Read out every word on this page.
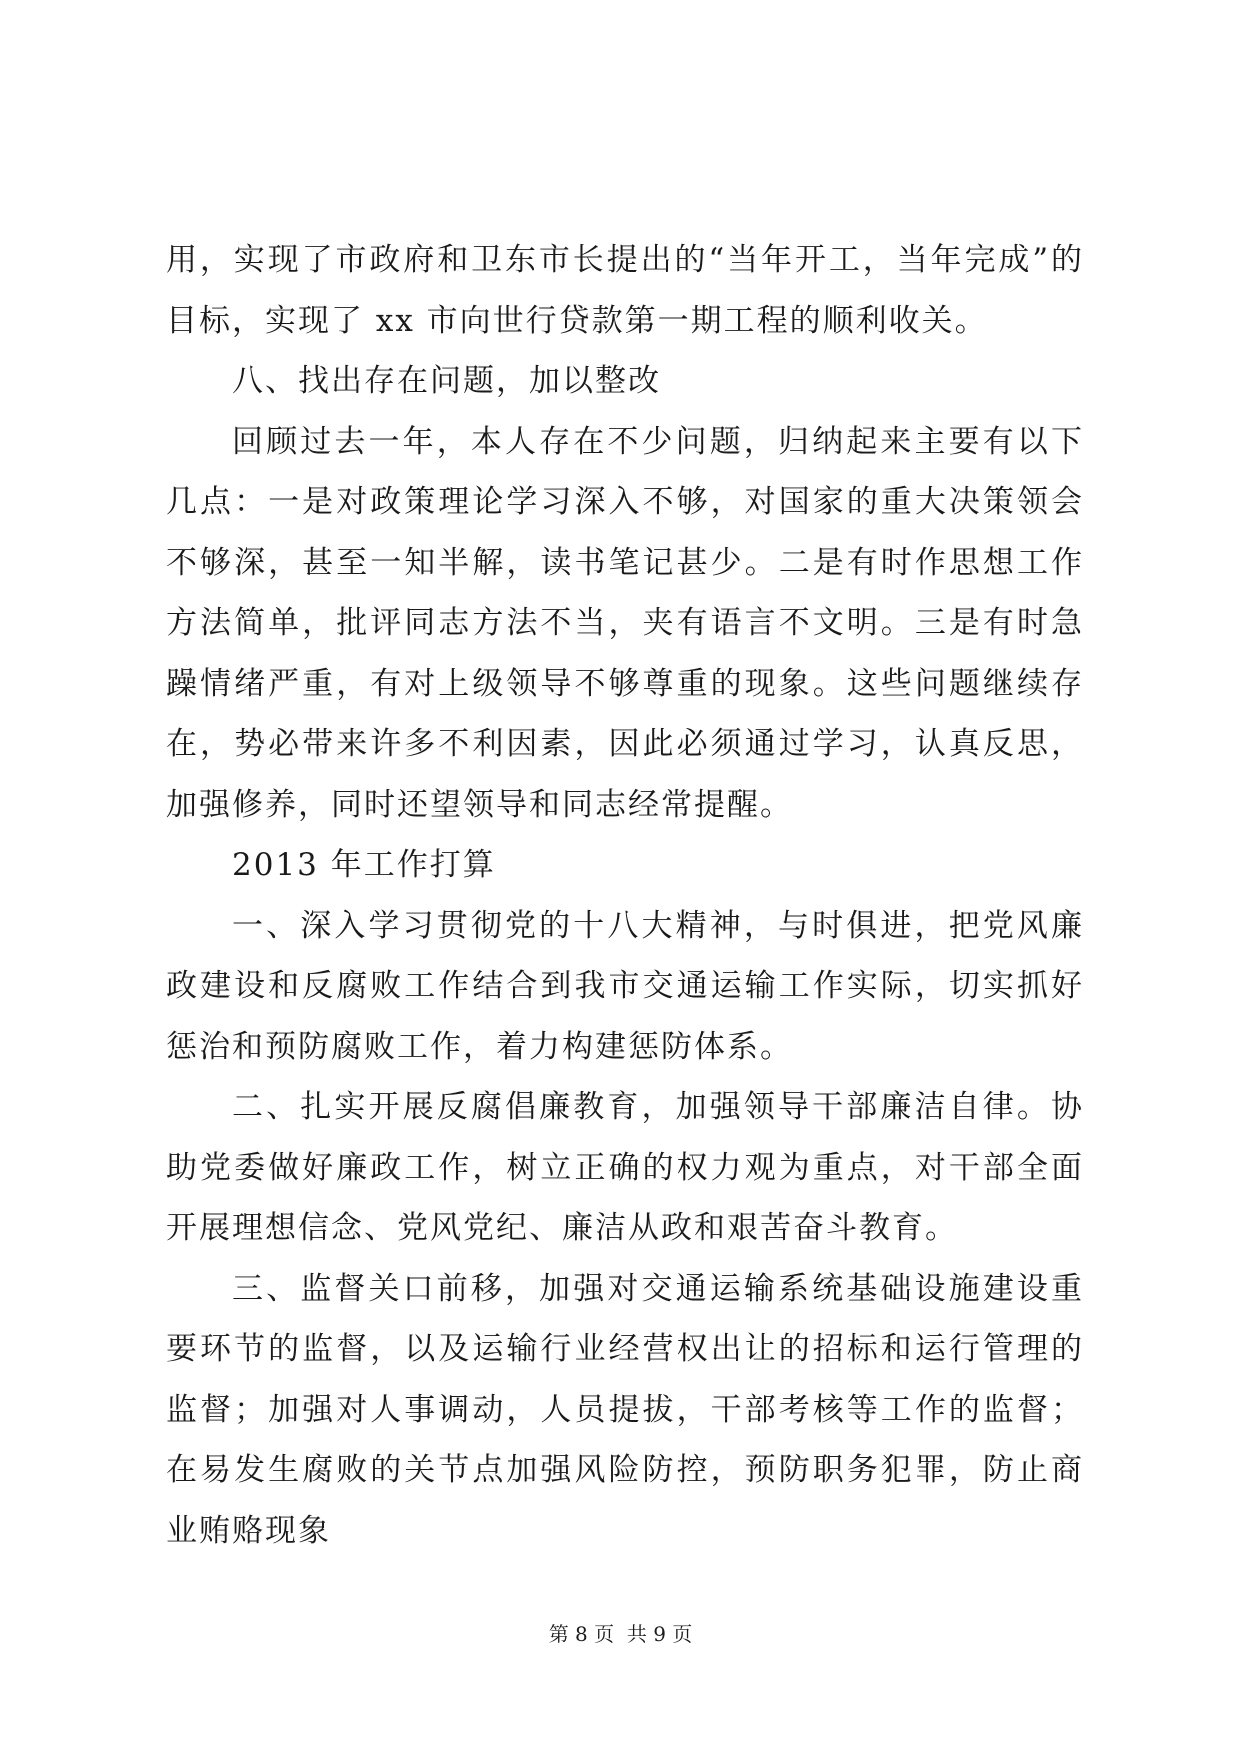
用，实现了市政府和卫东市长提出的“当年开工，当年完成”的目标，实现了 xx 市向世行贷款第一期工程的顺利收关。

八、找出存在问题，加以整改

回顾过去一年，本人存在不少问题，归纳起来主要有以下几点：一是对政策理论学习深入不够，对国家的重大决策领会不够深，甚至一知半解，读书笔记甚少。二是有时作思想工作方法简单，批评同志方法不当，夹有语言不文明。三是有时急躁情绪严重，有对上级领导不够尊重的现象。这些问题继续存在，势必带来许多不利因素，因此必须通过学习，认真反思，加强修养，同时还望领导和同志经常提醒。

2013 年工作打算

一、深入学习贯彻党的十八大精神，与时俱进，把党风廉政建设和反腐败工作结合到我市交通运输工作实际，切实抓好惩治和预防腐败工作，着力构建惩防体系。

二、扎实开展反腐倡廉教育，加强领导干部廉洁自律。协助党委做好廉政工作，树立正确的权力观为重点，对干部全面开展理想信念、党风党纪、廉洁从政和艰苦奋斗教育。

三、监督关口前移，加强对交通运输系统基础设施建设重要环节的监督，以及运输行业经营权出让的招标和运行管理的监督；加强对人事调动，人员提拔，干部考核等工作的监督；在易发生腐败的关节点加强风险防控，预防职务犯罪，防止商业贿赂现象

第 8 页  共 9 页
